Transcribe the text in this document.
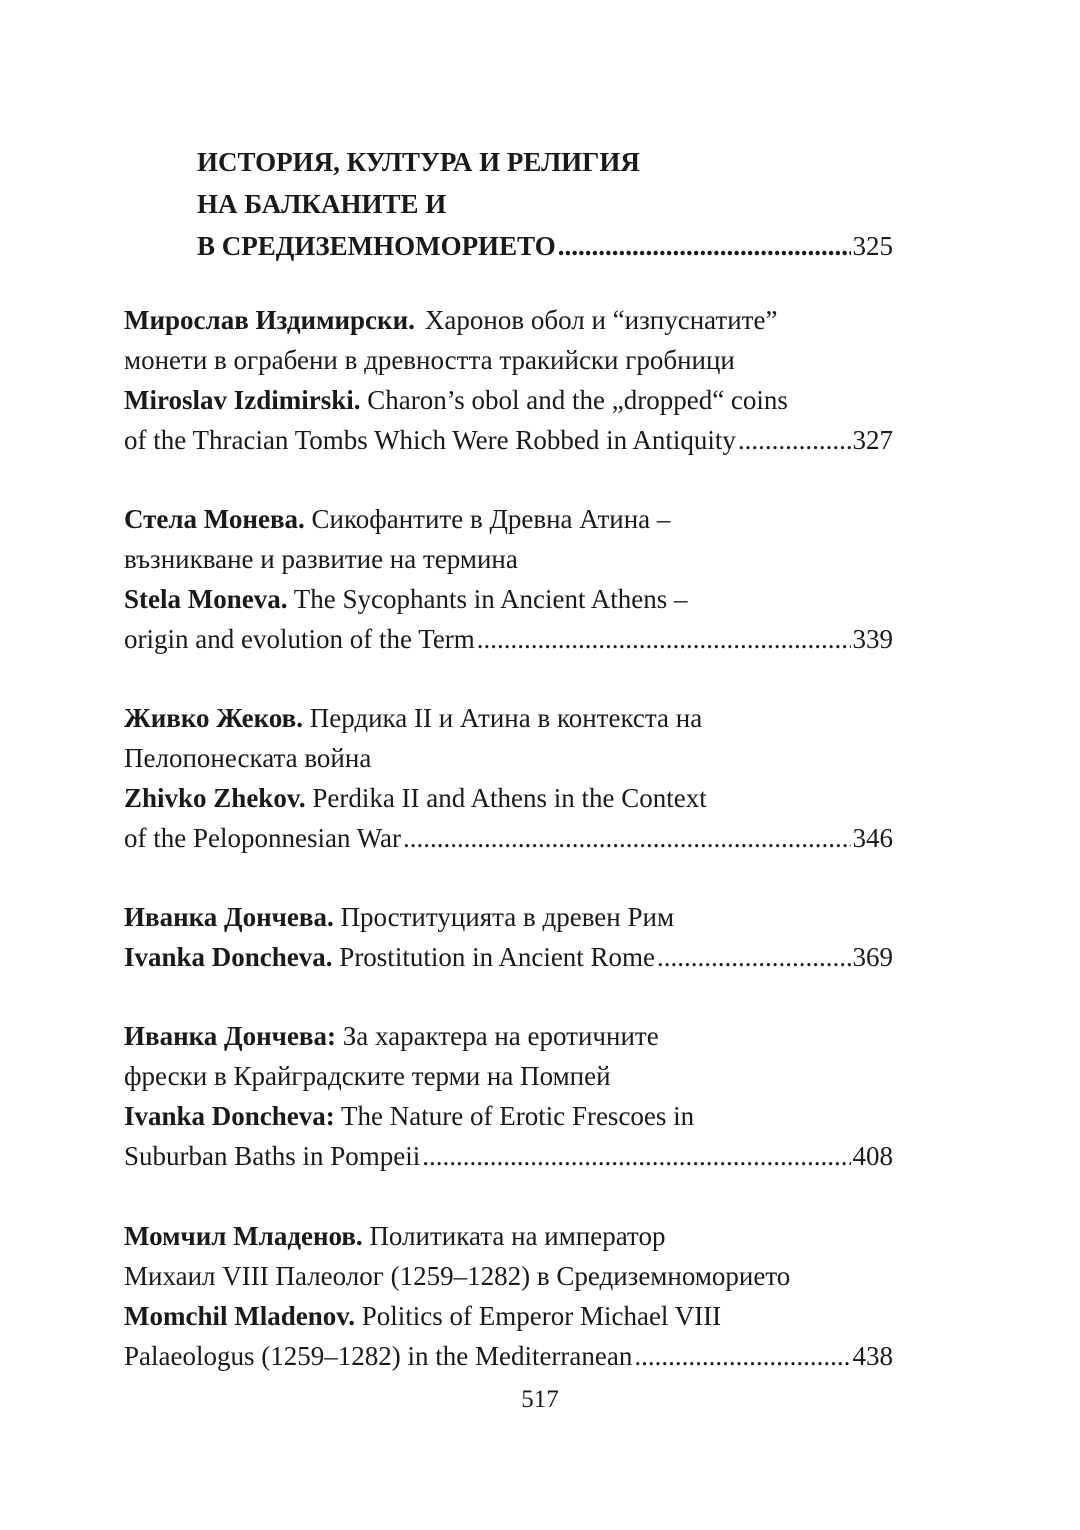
ИСТОРИЯ, КУЛТУРА И РЕЛИГИЯ
НА БАЛКАНИТЕ И
В СРЕДИЗЕМНОМОРИЕТО .....	325
Мирослав Издимирски. Харонов обол и “изпуснатите”
монети в ограбени в древността тракийски гробници
Miroslav Izdimirski. Charon’s obol and the „dropped“ coins
of the Thracian Tombs Which Were Robbed in Antiquity .....	327
Стела Монева. Сикофантите в Древна Атина –
възникване и развитие на термина
Stela Moneva. The Sycophants in Ancient Athens –
origin and evolution of the Term .....	339
Живко Жеков. Пердика II и Атина в контекста на
Пелопонеската война
Zhivko Zhekov. Perdika II and Athens in the Context
of the Peloponnesian War .....	346
Иванка Дончева. Проституцията в древен Рим
Ivanka Doncheva. Prostitution in Ancient Rome .....	369
Иванка Дончева: За характера на еротичните
фрески в Крайградските терми на Помпей
Ivanka Doncheva: The Nature of Erotic Frescoes in
Suburban Baths in Pompeii .....	408
Момчил Младенов. Политиката на император
Михаил VIII Палеолог (1259–1282) в Средиземноморието
Momchil Mladenov. Politics of Emperor Michael VIII
Palaeologus (1259–1282) in the Mediterranean .....	438
517
